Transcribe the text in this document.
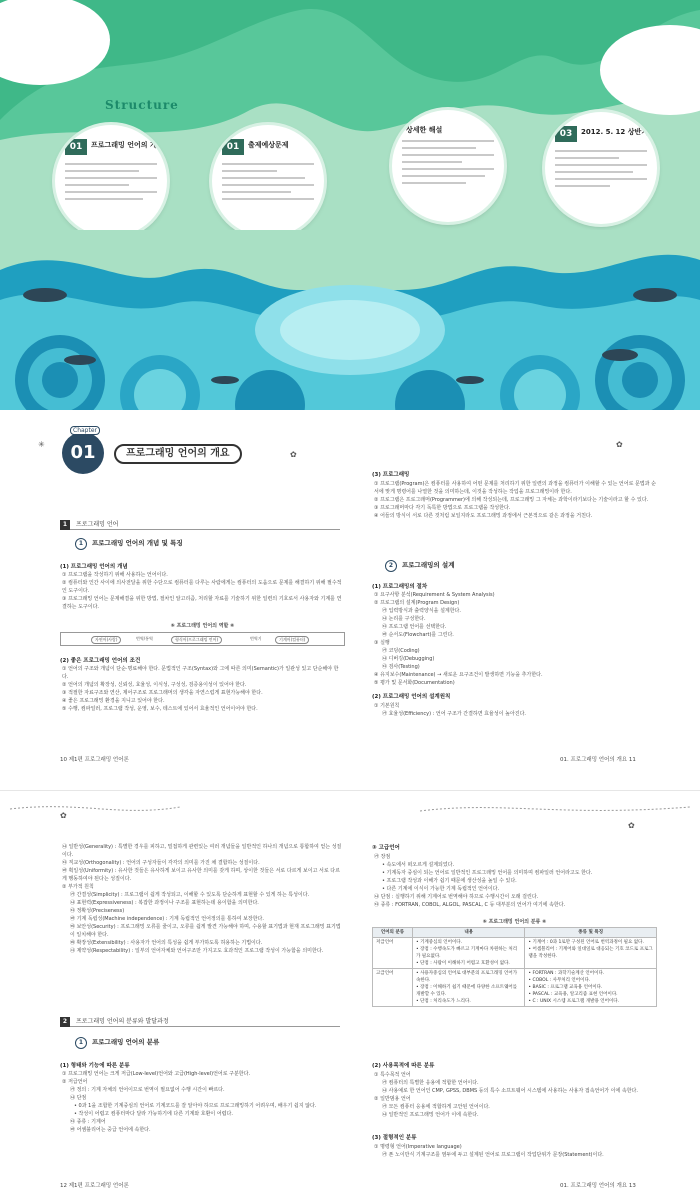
Structure
01	프로그래밍 언어의 개요	01	출제예상문제
상세한 해설	03	2012. 5. 12 상반기
✳	01
Chapter
프로그래밍 언어의 개요	✿
✿
1 프로그래밍 언어
1 프로그래밍 언어의 개념 및 특징
(1) 프로그래밍 언어의 개념
① 프로그램을 작성하기 위해 사용하는 언어이다.
② 컴퓨터와 인간 사이에 의사전달을 위한 수단으로 컴퓨터를 다루는 사람에게는 컴퓨터의 도움으로 문제를 해결하기 위해 필수적인 도구이다.
③ 프로그래밍 언어는 문제해결을 위한 방법, 절차인 알고리즘, 처리할 자료를 기술하기 위한 일련의 기호로서 사용자와 기계를 연결하는 도구이다.
⑥ 프로그래밍 언어의 역할 ⑥
자연어(사람)	번역/통역	형식어(프로그래밍 언어)	번역기	기계어(컴퓨터)
(2) 좋은 프로그래밍 언어의 조건
① 언어의 구조와 개념이 단순·명료해야 한다. 문법적인 구조(Syntax)와 그에 따른 의미(Semantic)가 일관성 있고 단순해야 한다.
② 언어의 개념의 확장성, 신뢰성, 효율성, 이식성, 구성성, 검증용이성이 있어야 한다.
③ 적절한 자료구조와 연산, 제어구조로 프로그래머의 생각을 자연스럽게 표현가능해야 한다.
④ 좋은 프로그래밍 환경을 지니고 있어야 한다.
⑤ 수행, 컴파일러, 프로그램 작성, 운영, 보수, 테스트에 있어서 효율적인 언어이어야 한다.
10 제1편 프로그래밍 언어론
(3) 프로그래밍
① 프로그램(Program)은 컴퓨터를 사용하여 어떤 문제를 처리하기 위한 일련의 과정을 컴퓨터가 이해할 수 있는 언어로 문법과 순서에 맞게 명령어를 나열한 것을 의미하는데, 이것을 작성하는 작업을 프로그래밍이라 한다.
② 프로그램은 프로그래머(Programmer)에 의해 작성되는데, 프로그래밍 그 자체는 과학이라기보다는 기술이라고 할 수 있다.
③ 프로그래머마다 각기 독특한 방법으로 프로그램을 작성한다.
④ 어들의 방식이 서로 다른 것처럼 보일지라도 프로그래밍 과정에서 근본적으로 같은 과정을 거친다.
2 프로그래밍의 설계
(1) 프로그래밍의 절차
① 요구사항 분석(Requirement & System Analysis)
② 프로그램의 설계(Program Design)
㉮ 입력방식과 출력양식을 설계한다.
㉯ 논리를 구성한다.
㉰ 프로그램 언어를 선택한다.
㉱ 순서도(Flowchart)를 그린다.
③ 실행
㉮ 코딩(Coding)
㉯ 디버깅(Debugging)
㉰ 검사(Testing)
④ 유지보수(Maintenance) → 새로운 요구조건이 발생하면 기능을 추가한다.
⑤ 평가 및 문서화(Documentation)
(2) 프로그래밍 언어의 설계원칙
① 기본원칙
㉮ 효율성(Efficiency) : 언어 구조가 간결하면 효율성이 높아진다.
01. 프로그래밍 언어의 개요 11
✿
✿
㉯ 일반성(Generality) : 특별한 경우를 피하고, 밀접하게 관련있는 여러 개념들을 일반적인 하나의 개념으로 통합하여 얻는 성질이다.
㉰ 직교성(Orthogonality) : 언어의 구성자들이 각각의 의미를 가진 채 결합하는 성질이다.
㉱ 획일성(Uniformity) : 유사한 것들은 유사하게 보이고 유사한 의미를 갖게 하며, 상이한 것들은 서로 다르게 보이고 서로 다르게 행동하여야 된다는 성질이다.
② 부가적 원칙
㉮ 간결성(Simplicity) : 프로그램이 쉽게 작성되고, 이해할 수 있도록 단순하게 표현할 수 있게 하는 특성이다.
㉯ 표현력(Expressiveness) : 복잡한 과정이나 구조를 표현하는데 용이함을 의미한다.
㉰ 정확성(Preciseness)
㉱ 기계 독립성(Machine independence) : 기계 독립적인 언어정의를 통하여 보장한다.
㉲ 보안성(Security) : 프로그래밍 오류를 줄이고, 오류를 쉽게 발견 가능해야 하며, 수용할 표기법과 현재 프로그래밍 표기법이 일치해야 한다.
㉳ 확장성(Extensibility) : 사용자가 언어의 특성을 쉽게 부가하도록 허용하는 기법이다.
㉴ 제약성(Respectability) : 일부의 언어자체와 언어구조만 가지고도 효과적인 프로그램 작성이 가능함을 의미한다.
2 프로그래밍 언어의 분류와 발달과정
1 프로그래밍 언어의 분류
(1) 형태와 기능에 따른 분류
① 프로그래밍 언어는 크게 저급(Low-level)언어와 고급(High-level)언어로 구분한다.
② 저급언어
㉮ 정의 : 기계 자체의 언어이므로 번역이 필요없어 수행 시간이 빠르다.
㉯ 단점
• 0과 1을 조합한 기계중심의 언어로 기계코드를 잘 알아야 하므로 프로그래밍하기 어려우며, 배우기 쉽지 않다.
• 작성이 어렵고 컴퓨터마다 달라 가능하기에 다른 기계와 호환이 어렵다.
㉰ 종류 : 기계어
㉱ 어셈블리어는 중급 언어에 속한다.
12 제1편 프로그래밍 언어론
③ 고급언어
㉮ 장점
• 속도에서 떠오르게 설계되었다.
• 기계독자 중심이 되는 언어로 일반적인 프로그래밍 언어를 의미하며 컴파일러 언어라고도 한다.
• 프로그램 작성과 이해가 쉽기 때문에 생산성을 높일 수 있다.
• 다른 기계에 이식이 가능한 기계 독립적인 언어이다.
㉯ 단점 : 실행하기 위해 기계어로 번역해야 하므로 수행시간이 오래 걸린다.
㉰ 종류 : FORTRAN, COBOL, ALGOL, PASCAL, C 등 대부분의 언어가 여기에 속한다.
⑥ 프로그래밍 언어의 분류 ⑥
언어의 분류	내용	종류 및 특징
저급언어	• 기계중심의 언어이다.
• 장점 : 수행속도가 빠르고 기계마다 차원하는 처리가 필요없다.
• 단점 : 사람이 이해하기 어렵고 호환성이 없다.	• 기계어 : 0과 1로만 구성된 언어로 번역과정이 필요 없다.
• 어셈블리어 : 기계어와 일대일로 대응되는 기호 코드로 프로그램을 작성한다.
고급언어	• 사용자중심의 언어로 대부분의 프로그래밍 언어가 속한다.
• 장점 : 이해하기 쉽기 때문에 다양한 소프트웨어를 개발할 수 있다.
• 단점 : 처리속도가 느리다.	• FORTRAN : 과학기술계산 언어이다.
• COBOL : 사무처리 언어이다.
• BASIC : 프로그램 교육용 언어이다.
• PASCAL : 교육용, 알고리즘 표현 언어이다.
• C : UNIX 시스템 프로그램 개발용 언어이다.
(2) 사용목적에 따른 분류
① 특수목적 언어
㉮ 컴퓨터의 특별한 응용에 적합한 언어이다.
㉯ 사용예로 한 언어인 CMP, GPSS, DBMS 등의 특수 소프트웨어 시스템에 사용하는 사용자 접속언어가 이에 속한다.
② 일반범용 언어
㉮ 모든 컴퓨터 응용에 적합하게 고안된 언어이다.
㉯ 일반적인 프로그래밍 언어가 이에 속한다.
(3) 절형적인 분류
① 명령형 언어(Imperative language)
㉮ 폰 노이만식 기계구조를 염두에 두고 설계된 언어로 프로그램이 작업단위가 문장(Statement)이다.
01. 프로그래밍 언어의 개요 13
